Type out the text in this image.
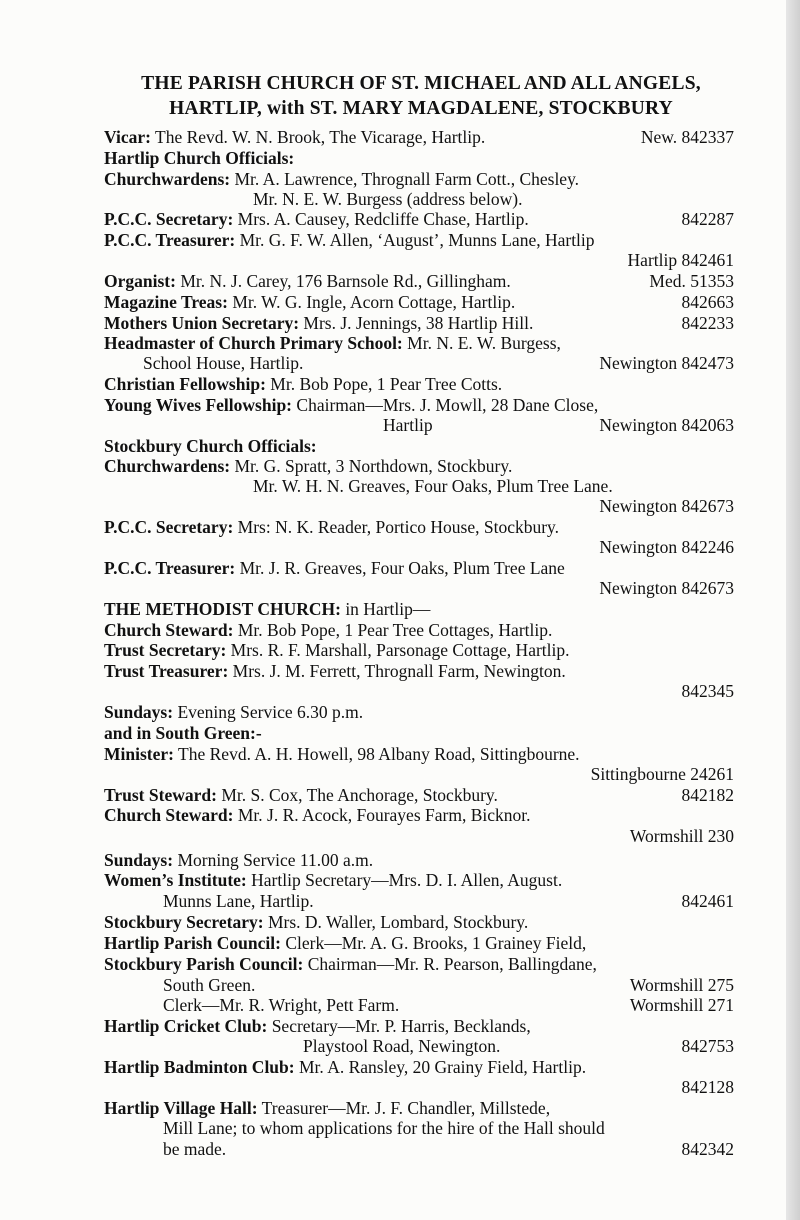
THE PARISH CHURCH OF ST. MICHAEL AND ALL ANGELS,
HARTLIP, with ST. MARY MAGDALENE, STOCKBURY
Vicar: The Revd. W. N. Brook, The Vicarage, Hartlip.	New. 842337
Hartlip Church Officials:
Churchwardens: Mr. A. Lawrence, Thrognall Farm Cott., Chesley.
Mr. N. E. W. Burgess (address below).
P.C.C. Secretary: Mrs. A. Causey, Redcliffe Chase, Hartlip.	842287
P.C.C. Treasurer: Mr. G. F. W. Allen, ‘August’, Munns Lane, Hartlip
Hartlip 842461
Organist: Mr. N. J. Carey, 176 Barnsole Rd., Gillingham.	Med. 51353
Magazine Treas: Mr. W. G. Ingle, Acorn Cottage, Hartlip.	842663
Mothers Union Secretary: Mrs. J. Jennings, 38 Hartlip Hill.	842233
Headmaster of Church Primary School: Mr. N. E. W. Burgess,
School House, Hartlip.	Newington 842473
Christian Fellowship: Mr. Bob Pope, 1 Pear Tree Cotts.
Young Wives Fellowship: Chairman—Mrs. J. Mowll, 28 Dane Close,
Hartlip	Newington 842063
Stockbury Church Officials:
Churchwardens: Mr. G. Spratt, 3 Northdown, Stockbury.
Mr. W. H. N. Greaves, Four Oaks, Plum Tree Lane.
Newington 842673
P.C.C. Secretary: Mrs: N. K. Reader, Portico House, Stockbury.
Newington 842246
P.C.C. Treasurer: Mr. J. R. Greaves, Four Oaks, Plum Tree Lane
Newington 842673
THE METHODIST CHURCH: in Hartlip—
Church Steward: Mr. Bob Pope, 1 Pear Tree Cottages, Hartlip.
Trust Secretary: Mrs. R. F. Marshall, Parsonage Cottage, Hartlip.
Trust Treasurer: Mrs. J. M. Ferrett, Thrognall Farm, Newington.
842345
Sundays: Evening Service 6.30 p.m.
and in South Green:-
Minister: The Revd. A. H. Howell, 98 Albany Road, Sittingbourne.
Sittingbourne 24261
Trust Steward: Mr. S. Cox, The Anchorage, Stockbury.	842182
Church Steward: Mr. J. R. Acock, Fourayes Farm, Bicknor.
Wormshill 230
Sundays: Morning Service 11.00 a.m.
Women’s Institute: Hartlip Secretary—Mrs. D. I. Allen, August.
Munns Lane, Hartlip.	842461
Stockbury Secretary: Mrs. D. Waller, Lombard, Stockbury.
Hartlip Parish Council: Clerk—Mr. A. G. Brooks, 1 Grainey Field,
Stockbury Parish Council: Chairman—Mr. R. Pearson, Ballingdane,
South Green.	Wormshill 275
Clerk—Mr. R. Wright, Pett Farm.	Wormshill 271
Hartlip Cricket Club: Secretary—Mr. P. Harris, Becklands,
Playstool Road, Newington.	842753
Hartlip Badminton Club: Mr. A. Ransley, 20 Grainy Field, Hartlip.
842128
Hartlip Village Hall: Treasurer—Mr. J. F. Chandler, Millstede,
Mill Lane; to whom applications for the hire of the Hall should
be made.	842342
